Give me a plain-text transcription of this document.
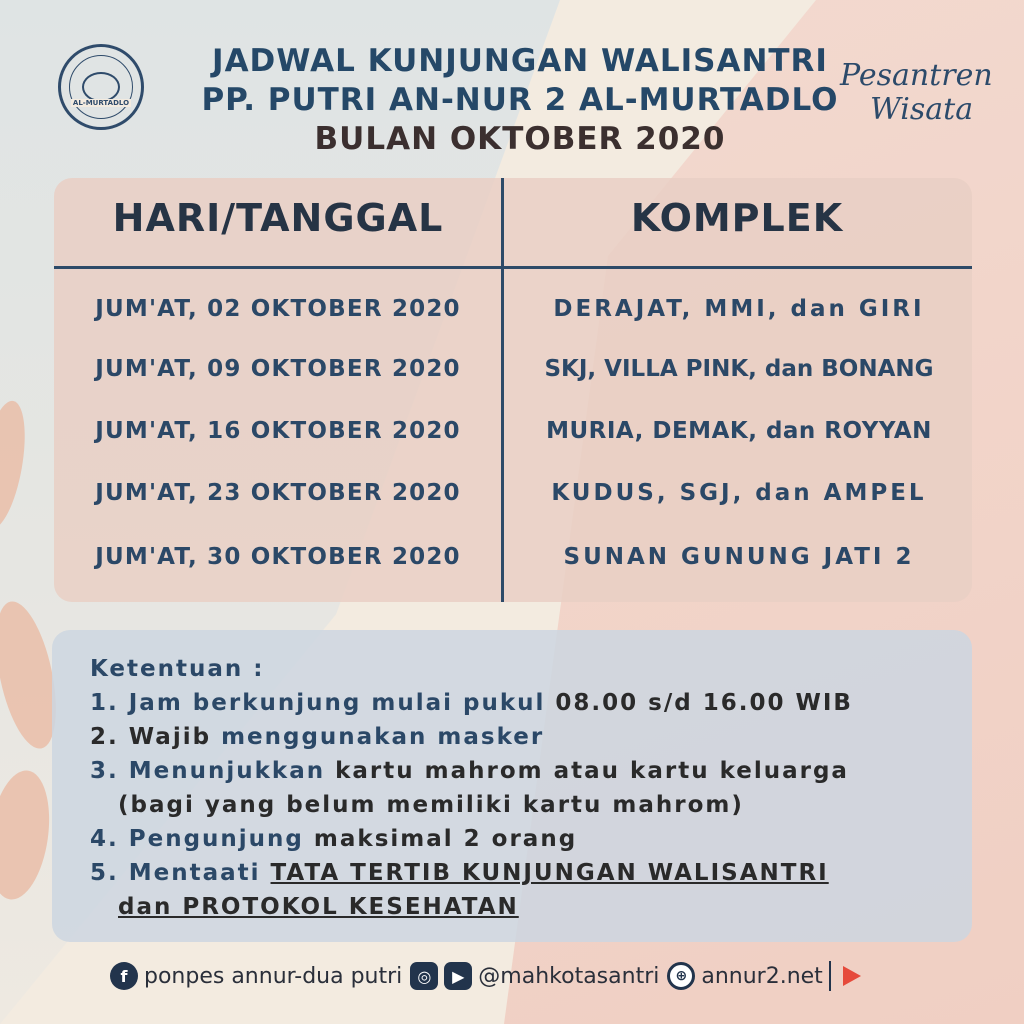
AL-MURTADLO
JADWAL KUNJUNGAN WALISANTRI
PP. PUTRI AN-NUR 2 AL-MURTADLO
BULAN OKTOBER 2020
Pesantren
Wisata
HARI/TANGGAL	KOMPLEK
JUM'AT, 02 OKTOBER 2020	DERAJAT, MMI, dan GIRI
JUM'AT, 09 OKTOBER 2020	SKJ, VILLA PINK, dan BONANG
JUM'AT, 16 OKTOBER 2020	MURIA, DEMAK, dan ROYYAN
JUM'AT, 23 OKTOBER 2020	KUDUS, SGJ, dan AMPEL
JUM'AT, 30 OKTOBER 2020	SUNAN GUNUNG JATI 2
Ketentuan :
1. Jam berkunjung mulai pukul 08.00 s/d 16.00 WIB
2. Wajib menggunakan masker
3. Menunjukkan kartu mahrom atau kartu keluarga
(bagi yang belum memiliki kartu mahrom)
4. Pengunjung maksimal 2 orang
5. Mentaati TATA TERTIB KUNJUNGAN WALISANTRI
dan PROTOKOL KESEHATAN
f ponpes annur-dua putri ◎	▶ @mahkotasantri	⊕ annur2.net
